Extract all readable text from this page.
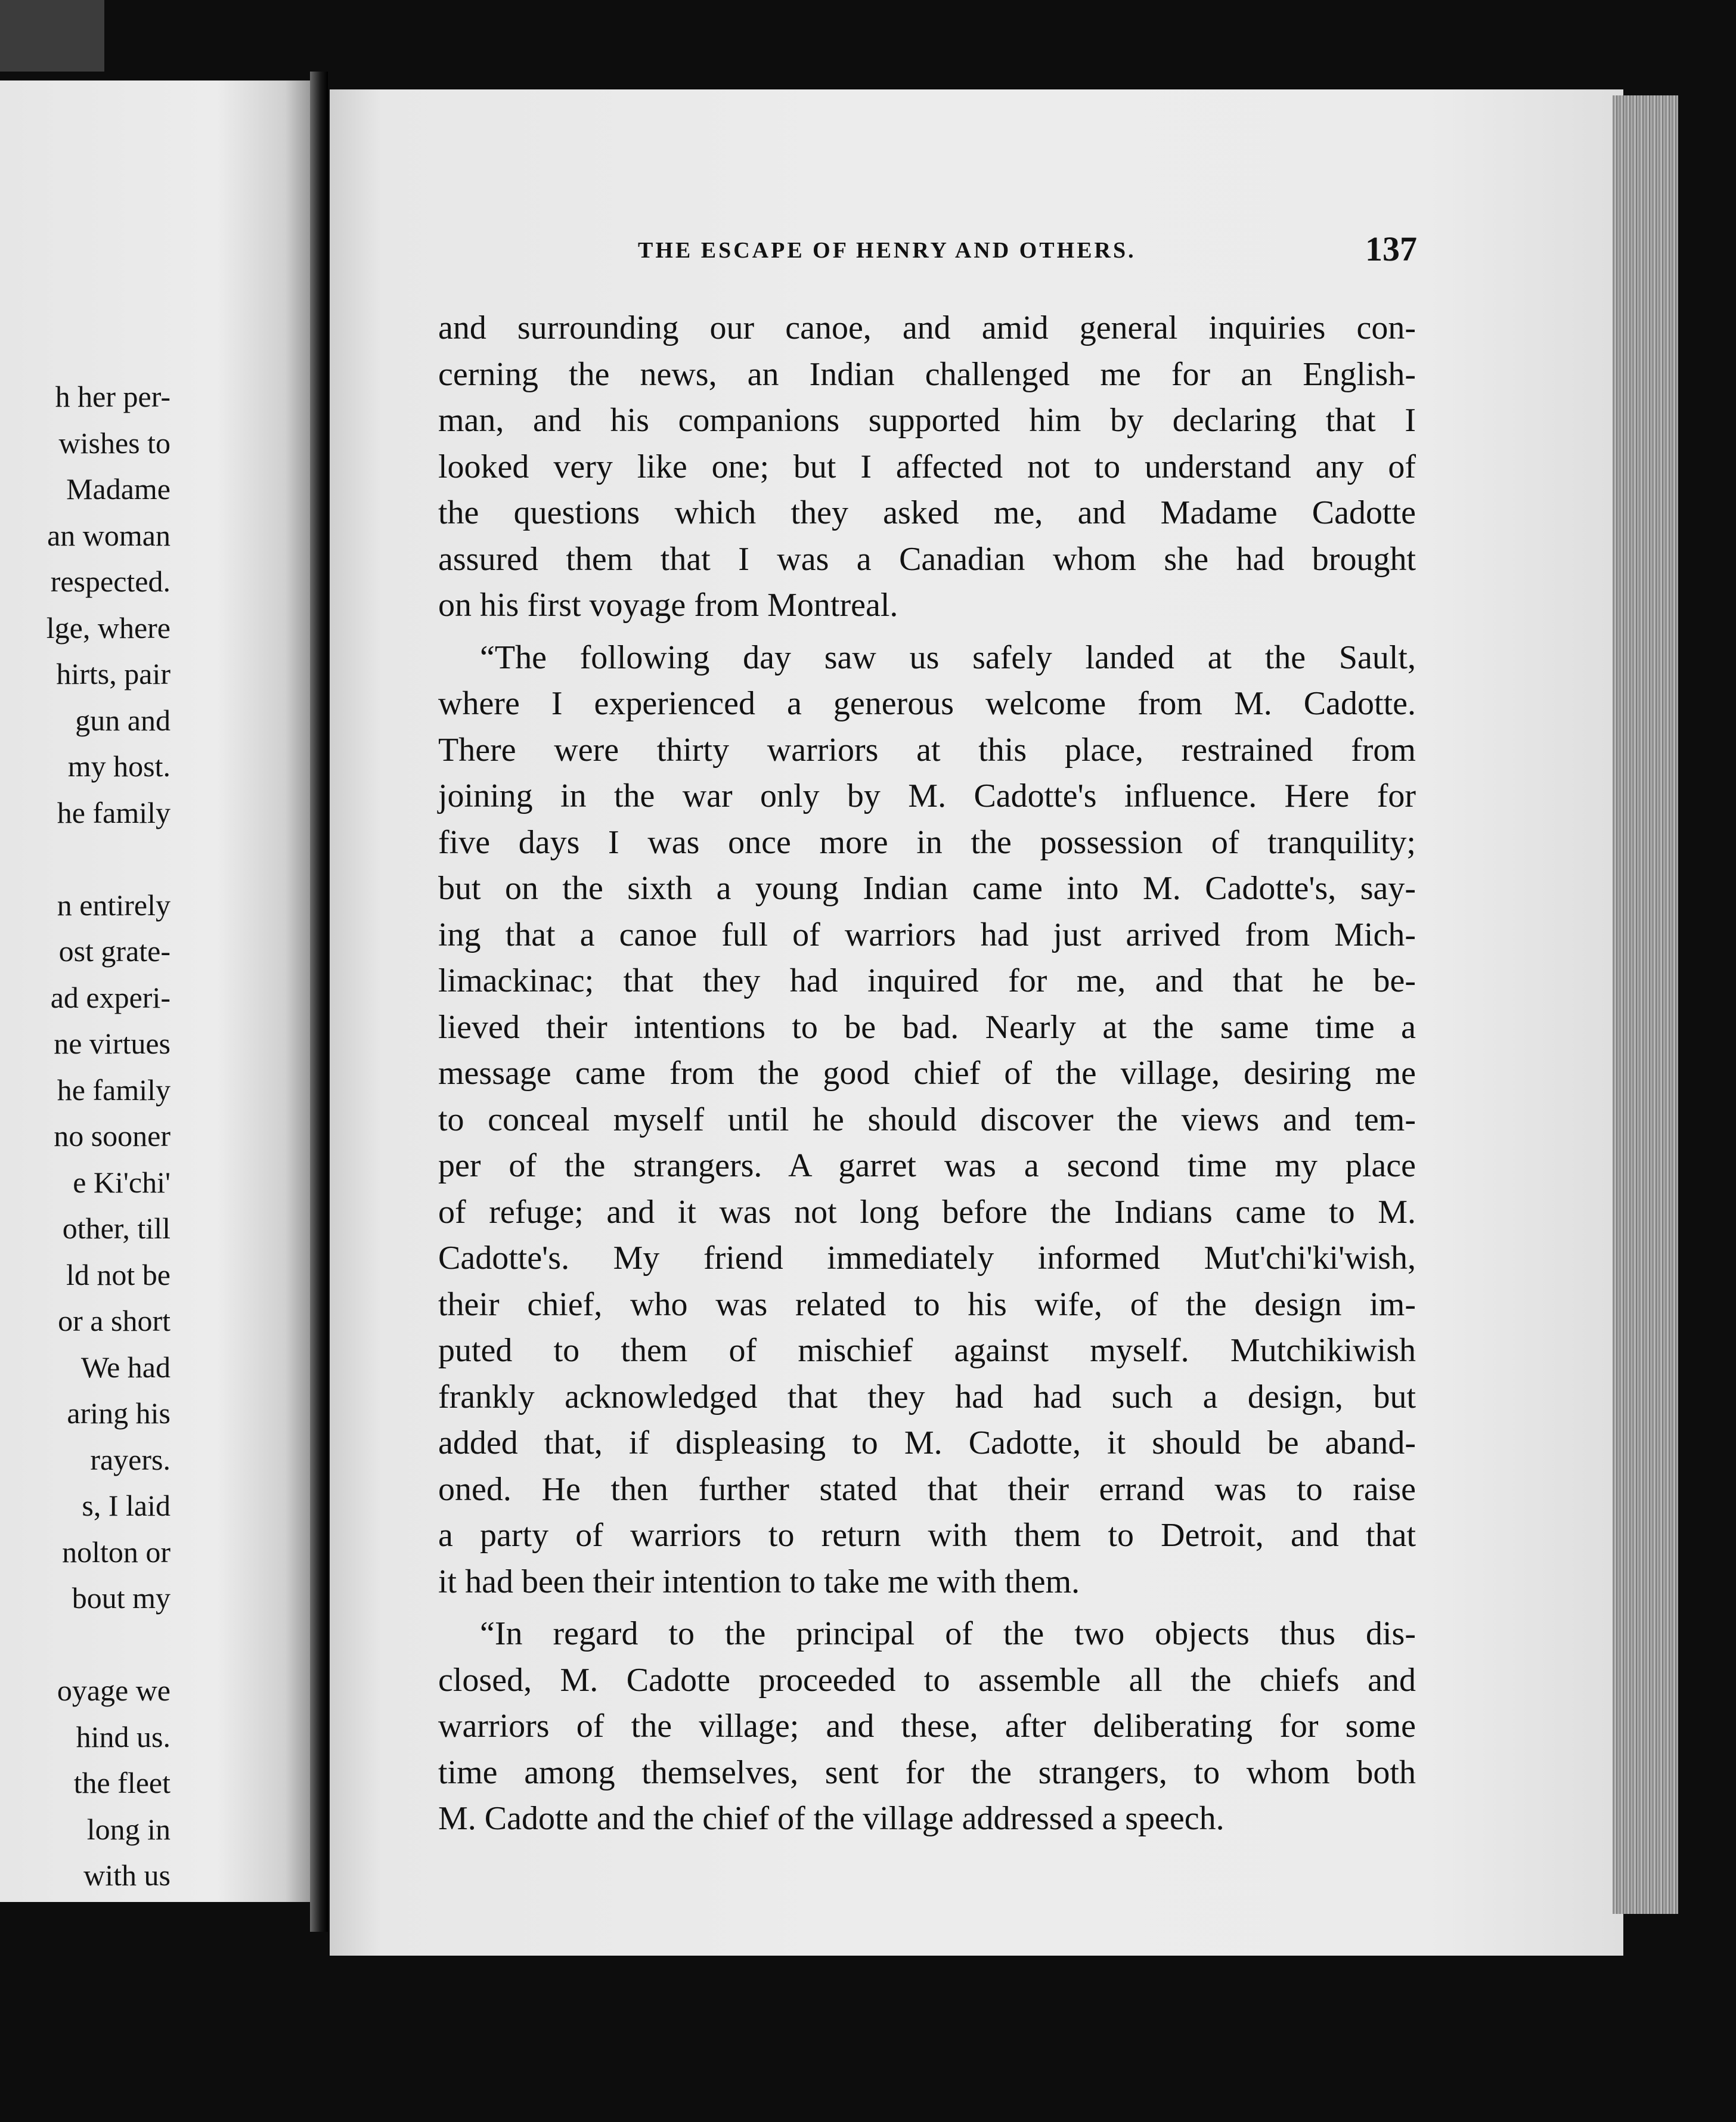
h her per-
wishes to
Madame
an woman
respected.
lge, where
hirts, pair
gun and
my host.
he family
n entirely
ost grate-
ad experi-
ne virtues
he family
no sooner
e Ki'chi'
other, till
ld not be
or a short
We had
aring his
rayers.
s, I laid
nolton or
bout my
oyage we
hind us.
the fleet
long in
with us
THE ESCAPE OF HENRY AND OTHERS.	137
and surrounding our canoe, and amid general inquiries con-
cerning the news, an Indian challenged me for an English-
man, and his companions supported him by declaring that I
looked very like one; but I affected not to understand any of
the questions which they asked me, and Madame Cadotte
assured them that I was a Canadian whom she had brought
on his first voyage from Montreal.
“The following day saw us safely landed at the Sault,
where I experienced a generous welcome from M. Cadotte.
There were thirty warriors at this place, restrained from
joining in the war only by M. Cadotte's influence. Here for
five days I was once more in the possession of tranquility;
but on the sixth a young Indian came into M. Cadotte's, say-
ing that a canoe full of warriors had just arrived from Mich-
limackinac; that they had inquired for me, and that he be-
lieved their intentions to be bad. Nearly at the same time a
message came from the good chief of the village, desiring me
to conceal myself until he should discover the views and tem-
per of the strangers. A garret was a second time my place
of refuge; and it was not long before the Indians came to M.
Cadotte's. My friend immediately informed Mut'chi'ki'wish,
their chief, who was related to his wife, of the design im-
puted to them of mischief against myself. Mutchikiwish
frankly acknowledged that they had had such a design, but
added that, if displeasing to M. Cadotte, it should be aband-
oned. He then further stated that their errand was to raise
a party of warriors to return with them to Detroit, and that
it had been their intention to take me with them.
“In regard to the principal of the two objects thus dis-
closed, M. Cadotte proceeded to assemble all the chiefs and
warriors of the village; and these, after deliberating for some
time among themselves, sent for the strangers, to whom both
M. Cadotte and the chief of the village addressed a speech.
